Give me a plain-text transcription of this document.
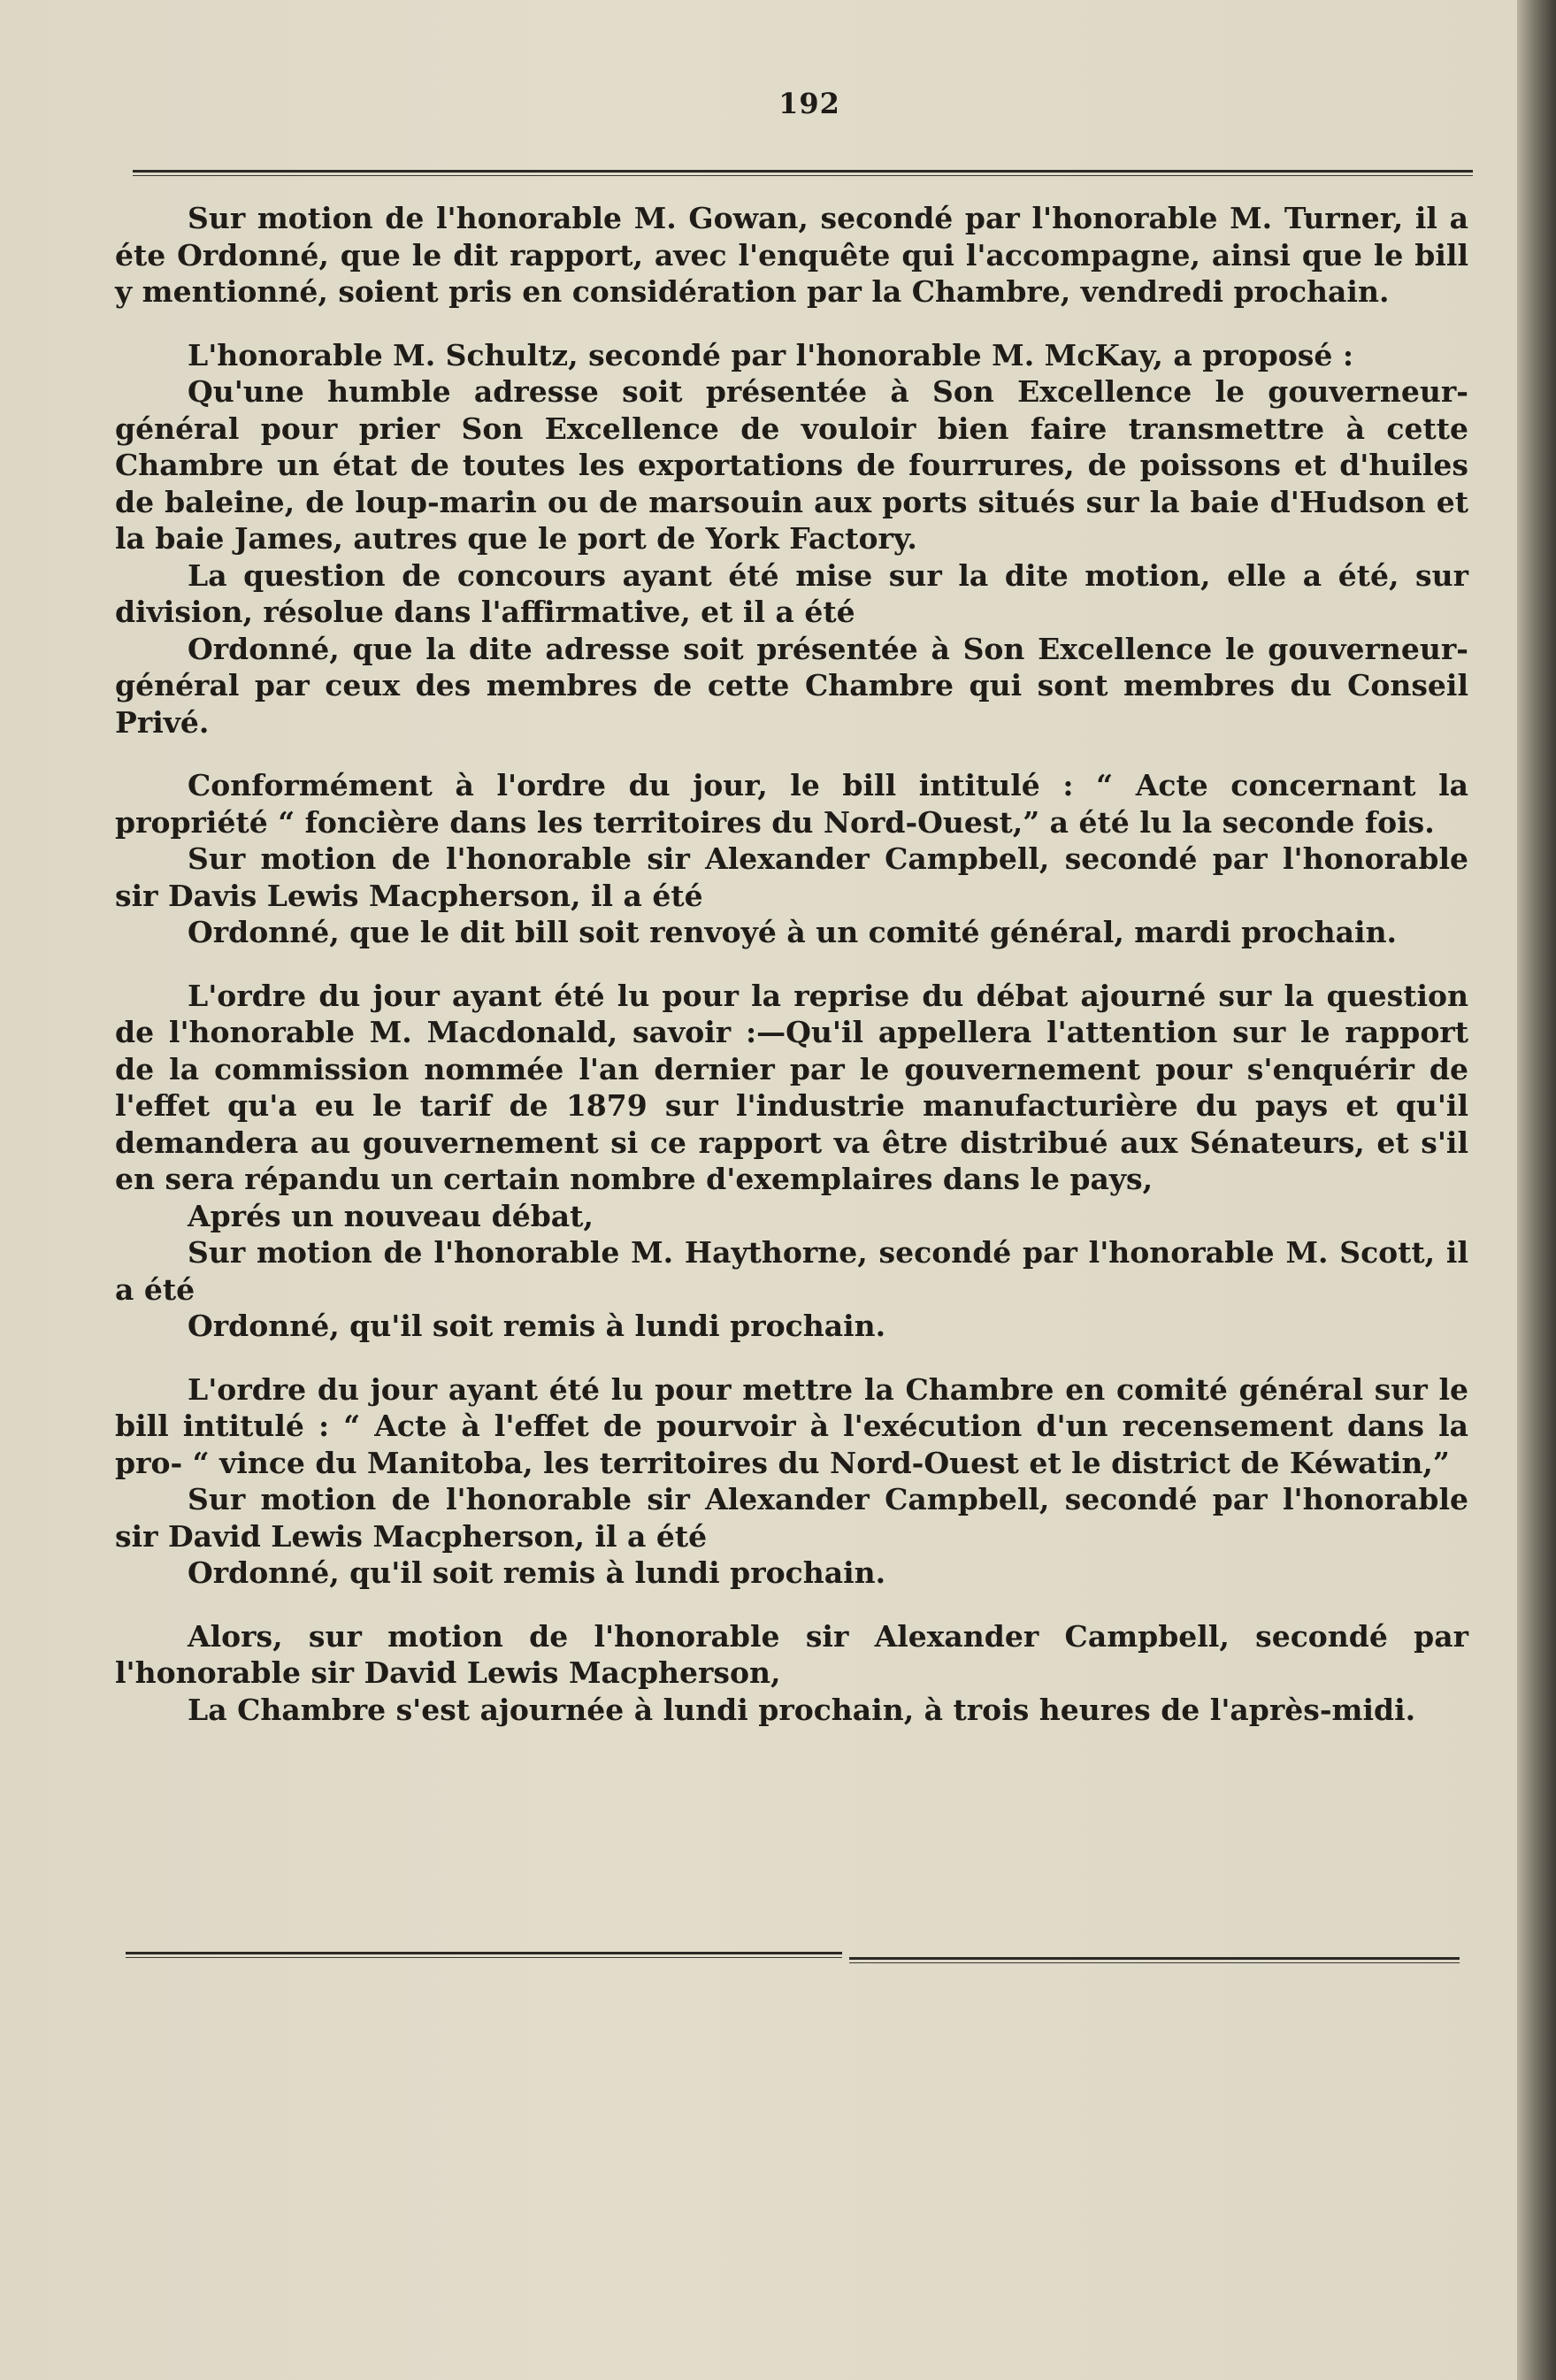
192

Sur motion de l'honorable M. Gowan, secondé par l'honorable M. Turner, il a éte Ordonné, que le dit rapport, avec l'enquête qui l'accompagne, ainsi que le bill y mentionné, soient pris en considération par la Chambre, vendredi prochain.

L'honorable M. Schultz, secondé par l'honorable M. McKay, a proposé :

Qu'une humble adresse soit présentée à Son Excellence le gouverneur-général pour prier Son Excellence de vouloir bien faire transmettre à cette Chambre un état de toutes les exportations de fourrures, de poissons et d'huiles de baleine, de loup-marin ou de marsouin aux ports situés sur la baie d'Hudson et la baie James, autres que le port de York Factory.

La question de concours ayant été mise sur la dite motion, elle a été, sur division, résolue dans l'affirmative, et il a été

Ordonné, que la dite adresse soit présentée à Son Excellence le gouverneur-général par ceux des membres de cette Chambre qui sont membres du Conseil Privé.

Conformément à l'ordre du jour, le bill intitulé : “ Acte concernant la propriété “ foncière dans les territoires du Nord-Ouest,” a été lu la seconde fois.

Sur motion de l'honorable sir Alexander Campbell, secondé par l'honorable sir Davis Lewis Macpherson, il a été

Ordonné, que le dit bill soit renvoyé à un comité général, mardi prochain.

L'ordre du jour ayant été lu pour la reprise du débat ajourné sur la question de l'honorable M. Macdonald, savoir :—Qu'il appellera l'attention sur le rapport de la commission nommée l'an dernier par le gouvernement pour s'enquérir de l'effet qu'a eu le tarif de 1879 sur l'industrie manufacturière du pays et qu'il demandera au gouvernement si ce rapport va être distribué aux Sénateurs, et s'il en sera répandu un certain nombre d'exemplaires dans le pays,

Aprés un nouveau débat,

Sur motion de l'honorable M. Haythorne, secondé par l'honorable M. Scott, il a été

Ordonné, qu'il soit remis à lundi prochain.

L'ordre du jour ayant été lu pour mettre la Chambre en comité général sur le bill intitulé : “ Acte à l'effet de pourvoir à l'exécution d'un recensement dans la pro- “ vince du Manitoba, les territoires du Nord-Ouest et le district de Kéwatin,”

Sur motion de l'honorable sir Alexander Campbell, secondé par l'honorable sir David Lewis Macpherson, il a été

Ordonné, qu'il soit remis à lundi prochain.

Alors, sur motion de l'honorable sir Alexander Campbell, secondé par l'honorable sir David Lewis Macpherson,

La Chambre s'est ajournée à lundi prochain, à trois heures de l'après-midi.
